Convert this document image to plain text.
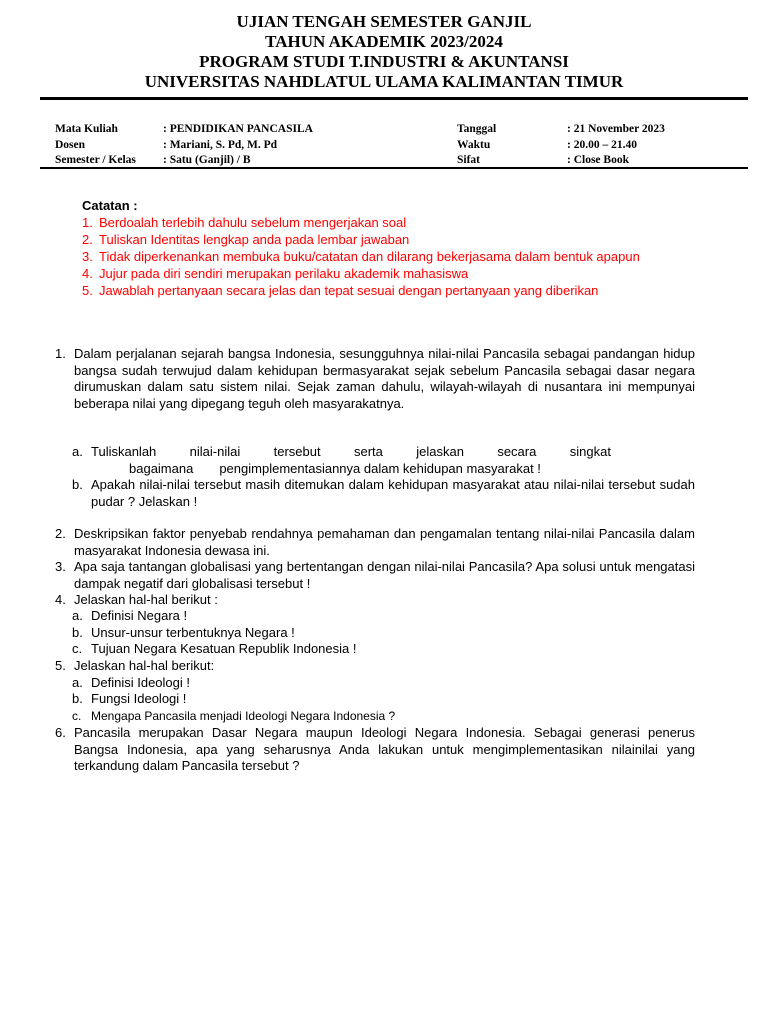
UJIAN TENGAH SEMESTER GANJIL
TAHUN AKADEMIK 2023/2024
PROGRAM STUDI T.INDUSTRI & AKUNTANSI
UNIVERSITAS NAHDLATUL ULAMA KALIMANTAN TIMUR
Mata Kuliah	: PENDIDIKAN PANCASILA	Tanggal	: 21 November 2023
Dosen	: Mariani, S. Pd, M. Pd	Waktu	: 20.00 – 21.40
Semester / Kelas : Satu (Ganjil) / B	Sifat	: Close Book
Catatan :
1. Berdoalah terlebih dahulu sebelum mengerjakan soal
2. Tuliskan Identitas lengkap anda pada lembar jawaban
3. Tidak diperkenankan membuka buku/catatan dan dilarang bekerjasama dalam bentuk apapun
4. Jujur pada diri sendiri merupakan perilaku akademik mahasiswa
5. Jawablah pertanyaan secara jelas dan tepat sesuai dengan pertanyaan yang diberikan
1. Dalam perjalanan sejarah bangsa Indonesia, sesungguhnya nilai-nilai Pancasila sebagai pandangan hidup bangsa sudah terwujud dalam kehidupan bermasyarakat sejak sebelum Pancasila sebagai dasar negara dirumuskan dalam satu sistem nilai. Sejak zaman dahulu, wilayah-wilayah di nusantara ini mempunyai beberapa nilai yang dipegang teguh oleh masyarakatnya.
a. Tuliskanlah	nilai-nilai	tersebut	serta	jelaskan	secara	singkat
bagaimana pengimplementasiannya dalam kehidupan masyarakat !
b. Apakah nilai-nilai tersebut masih ditemukan dalam kehidupan masyarakat atau nilai-nilai tersebut sudah pudar ? Jelaskan !
2. Deskripsikan faktor penyebab rendahnya pemahaman dan pengamalan tentang nilai-nilai Pancasila dalam masyarakat Indonesia dewasa ini.
3. Apa saja tantangan globalisasi yang bertentangan dengan nilai-nilai Pancasila? Apa solusi untuk mengatasi dampak negatif dari globalisasi tersebut !
4. Jelaskan hal-hal berikut :
a. Definisi Negara !
b. Unsur-unsur terbentuknya Negara !
c. Tujuan Negara Kesatuan Republik Indonesia !
5. Jelaskan hal-hal berikut:
a. Definisi Ideologi !
b. Fungsi Ideologi !
c. Mengapa Pancasila menjadi Ideologi Negara Indonesia ?
6. Pancasila merupakan Dasar Negara maupun Ideologi Negara Indonesia. Sebagai generasi penerus Bangsa Indonesia, apa yang seharusnya Anda lakukan untuk mengimplementasikan nilainilai yang terkandung dalam Pancasila tersebut ?
